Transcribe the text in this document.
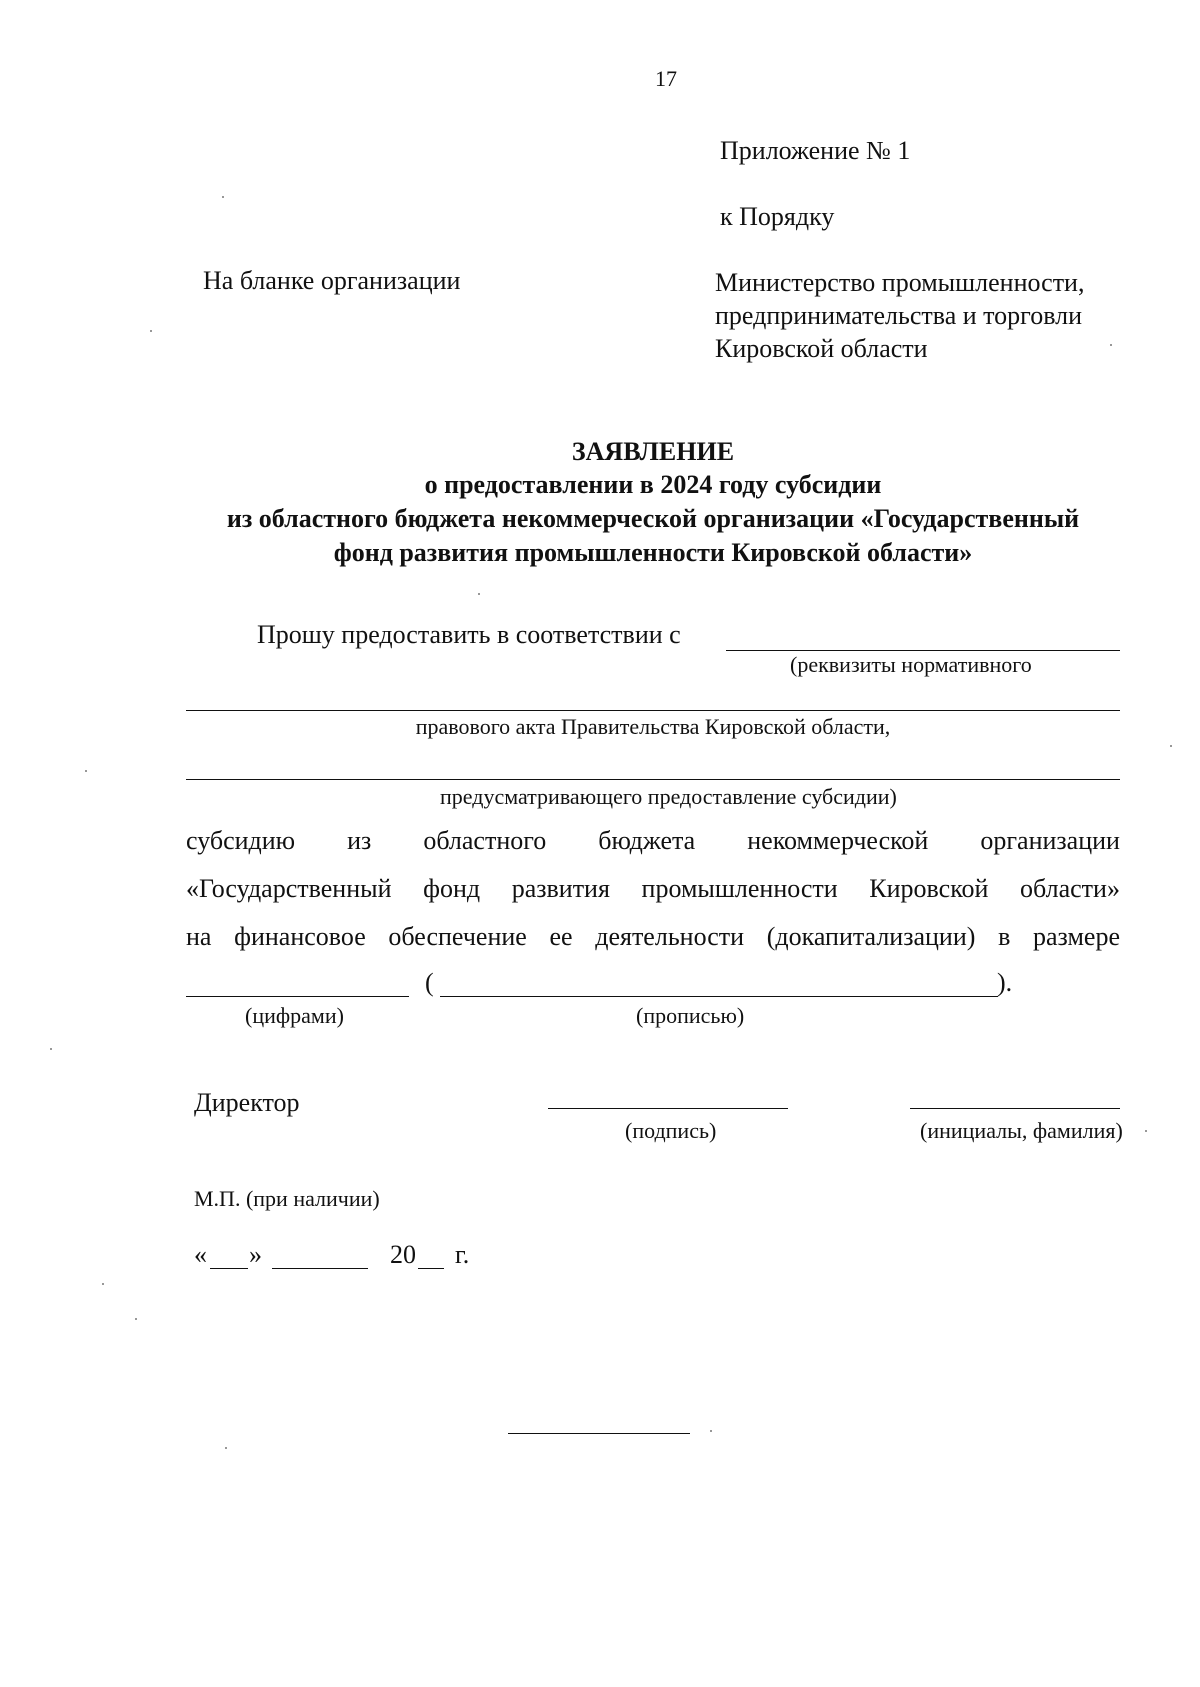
17
Приложение № 1
к Порядку
На бланке организации	Министерство промышленности,
предпринимательства и торговли
Кировской области
ЗАЯВЛЕНИЕ
о предоставлении в 2024 году субсидии
из областного бюджета некоммерческой организации «Государственный
фонд развития промышленности Кировской области»
Прошу предоставить в соответствии с
(реквизиты нормативного
правового акта Правительства Кировской области,
предусматривающего предоставление субсидии)
субсидию из областного бюджета некоммерческой организации
«Государственный фонд развития промышленности Кировской области»
на финансовое обеспечение ее деятельности (докапитализации) в размере
(	).
(цифрами)	(прописью)
Директор
(подпись)	(инициалы, фамилия)
М.П. (при наличии)
« »	20 г.
